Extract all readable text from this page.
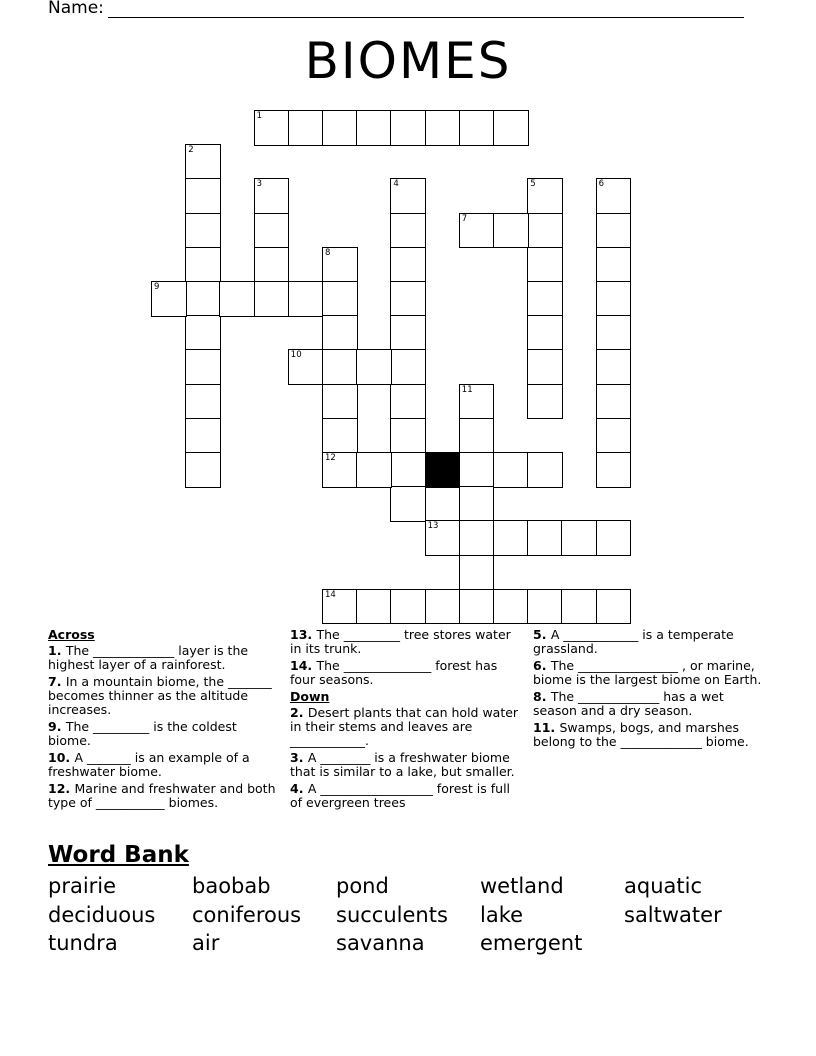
Name:
BIOMES
1
2
3	4	5	6
7
8
12
9
10
11
13
14
Across
1. The _____________ layer is the highest layer of a rainforest.
7. In a mountain biome, the _______ becomes thinner as the altitude increases.
9. The _________ is the coldest biome.
10. A _______ is an example of a freshwater biome.
12. Marine and freshwater and both type of ___________ biomes.
13. The _________ tree stores water in its trunk.
14. The ______________ forest has four seasons.
Down
2. Desert plants that can hold water in their stems and leaves are ____________.
3. A ________ is a freshwater biome that is similar to a lake, but smaller.
4. A __________________ forest is full of evergreen trees
5. A ____________ is a temperate grassland.
6. The ________________ , or marine, biome is the largest biome on Earth.
8. The _____________ has a wet season and a dry season.
11. Swamps, bogs, and marshes belong to the _____________ biome.
Word Bank
prairie	baobab	pond	wetland	aquatic
deciduous coniferous succulents lake	saltwater
tundra	air	savanna	emergent
